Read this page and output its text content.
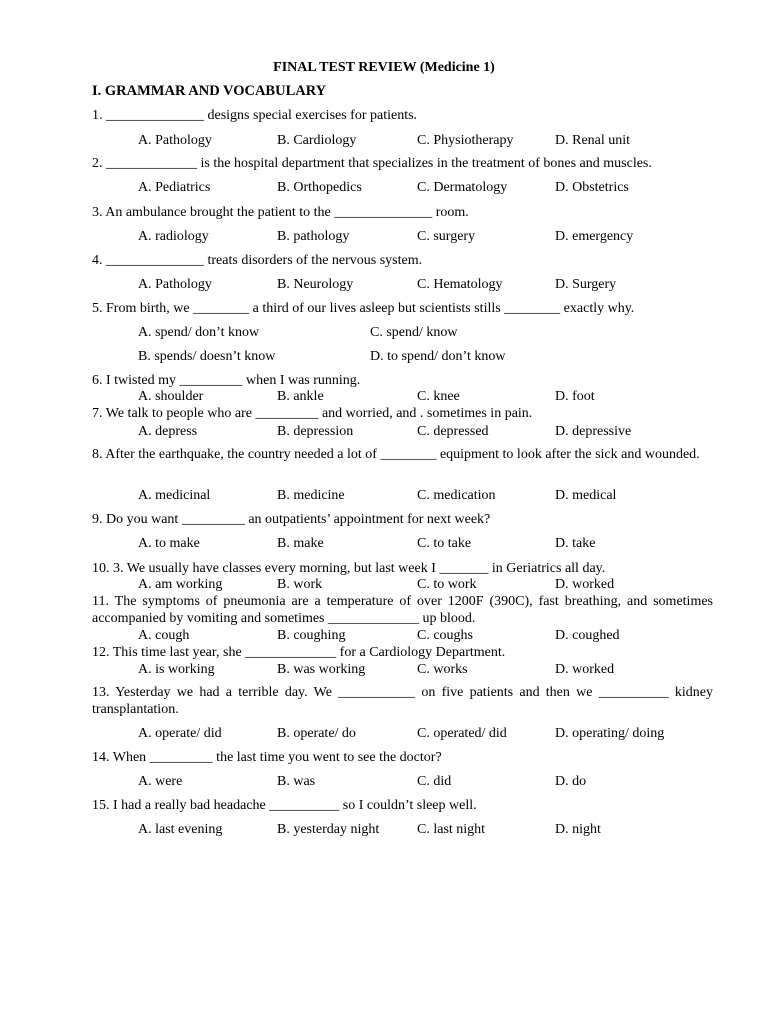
FINAL TEST REVIEW (Medicine 1)
I. GRAMMAR AND VOCABULARY
1. ______________ designs special exercises for patients.
A. Pathology	B. Cardiology	C. Physiotherapy	D. Renal unit
2. _____________ is the hospital department that specializes in the treatment of bones and muscles.
A. Pediatrics	B. Orthopedics	C. Dermatology	D. Obstetrics
3. An ambulance brought the patient to the ______________ room.
A. radiology	B. pathology	C. surgery	D. emergency
4. ______________ treats disorders of the nervous system.
A. Pathology	B. Neurology	C. Hematology	D. Surgery
5. From birth, we ________ a third of our lives asleep but scientists stills ________ exactly why.
A. spend/ don’t know	C. spend/ know
B. spends/ doesn’t know	D. to spend/ don’t know
6. I twisted my _________ when I was running.
A. shoulder	B. ankle	C. knee	D. foot
7. We talk to people who are _________ and worried, and . sometimes in pain.
A. depress	B. depression	C. depressed	D. depressive
8. After the earthquake, the country needed a lot of ________ equipment to look after the sick and wounded.
A. medicinal	B. medicine	C. medication	D. medical
9. Do you want _________ an outpatients’ appointment for next week?
A. to make	B. make	C. to take	D. take
10. 3. We usually have classes every morning, but last week I _______ in Geriatrics all day.
A. am working	B. work	C. to work	D. worked
11. The symptoms of pneumonia are a temperature of over 1200F (390C), fast breathing, and sometimes accompanied by vomiting and sometimes _____________ up blood.
A. cough	B. coughing	C. coughs	D. coughed
12. This time last year, she _____________ for a Cardiology Department.
A. is working	B. was working	C. works	D. worked
13. Yesterday we had a terrible day. We ___________ on five patients and then we __________ kidney transplantation.
A. operate/ did	B. operate/ do	C. operated/ did	D. operating/ doing
14. When _________ the last time you went to see the doctor?
A. were	B. was	C. did	D. do
15. I had a really bad headache __________ so I couldn’t sleep well.
A. last evening	B. yesterday night	C. last night	D. night
